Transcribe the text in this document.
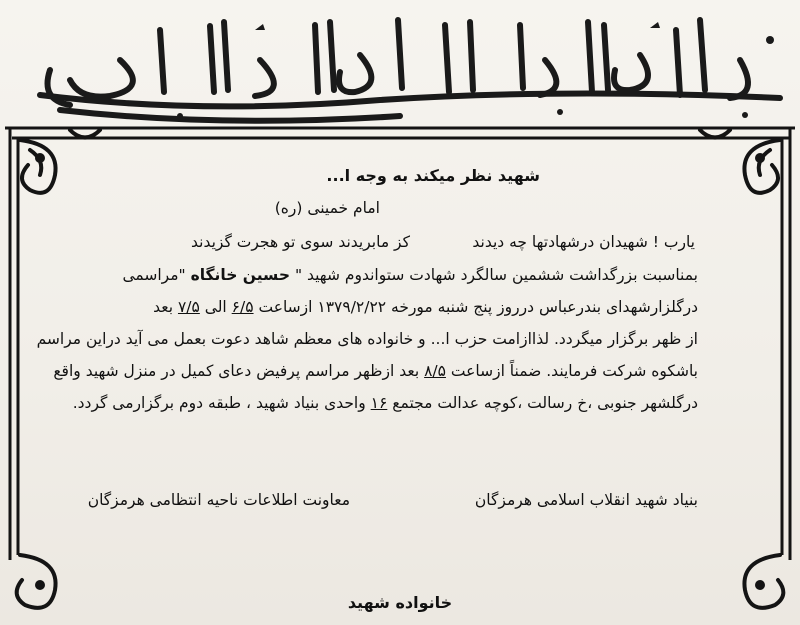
شهید نظر میکند به وجه ا...
امام خمینی (ره)
یارب ! شهیدان درشهادتها چه دیدند
کز مابریدند سوی تو هجرت گزیدند
بمناسبت بزرگداشت ششمین سالگرد شهادت ستواندوم شهید " حسین خانگاه "مراسمی
درگلزارشهدای بندرعباس درروز پنج شنبه مورخه ۱۳۷۹/۲/۲۲ ازساعت ۶/۵ الی ۷/۵ بعد
از ظهر برگزار میگردد. لذاازامت حزب ا... و خانواده های معظم شاهد دعوت بعمل می آید دراین مراسم
باشکوه شرکت فرمایند. ضمناً ازساعت ۸/۵ بعد ازظهر مراسم پرفیض دعای کمیل در منزل شهید واقع
درگلشهر جنوبی ،خ رسالت ،کوچه عدالت مجتمع ۱۶ واحدی بنیاد شهید ، طبقه دوم برگزارمی گردد.
بنیاد شهید انقلاب اسلامی هرمزگان
معاونت اطلاعات ناحیه انتظامی هرمزگان
خانواده شهید
